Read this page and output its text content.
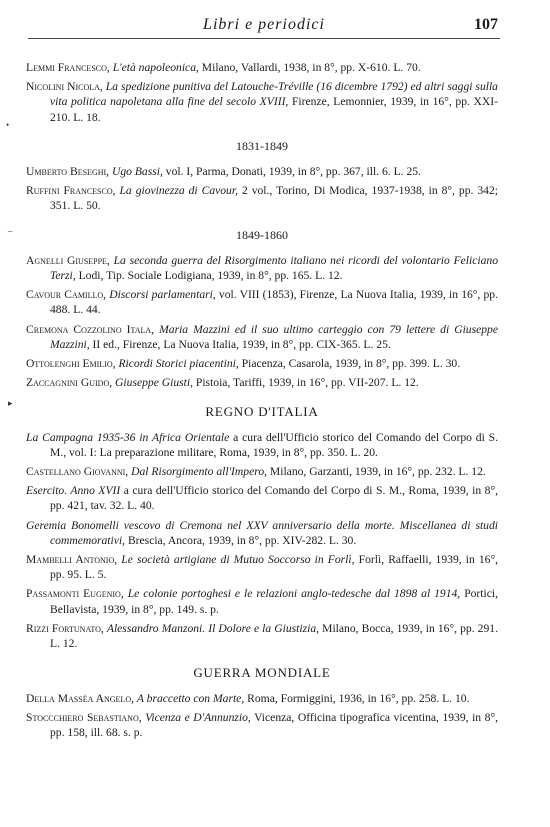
Libri e periodici	107
Lemmi Francesco, L'età napoleonica, Milano, Vallardi, 1938, in 8°, pp. X-610. L. 70.
Nicolini Nicola, La spedizione punitiva del Latouche-Tréville (16 dicembre 1792) ed altri saggi sulla vita politica napoletana alla fine del secolo XVIII, Firenze, Lemonnier, 1939, in 16°, pp. XXI-210. L. 18.
1831-1849
Umberto Beseghi, Ugo Bassi, vol. I, Parma, Donati, 1939, in 8°, pp. 367, ill. 6. L. 25.
Ruffini Francesco, La giovinezza di Cavour, 2 vol., Torino, Di Modica, 1937-1938, in 8°, pp. 342; 351. L. 50.
1849-1860
Agnelli Giuseppe, La seconda guerra del Risorgimento italiano nei ricordi del volontario Feliciano Terzi, Lodi, Tip. Sociale Lodigiana, 1939, in 8°, pp. 165. L. 12.
Cavour Camillo, Discorsi parlamentari, vol. VIII (1853), Firenze, La Nuova Italia, 1939, in 16°, pp. 488. L. 44.
Cremona Cozzolino Itala, Maria Mazzini ed il suo ultimo carteggio con 79 lettere di Giuseppe Mazzini, II ed., Firenze, La Nuova Italia, 1939, in 8°, pp. CIX-365. L. 25.
Ottolenghi Emilio, Ricordi Storici piacentini, Piacenza, Casarola, 1939, in 8°, pp. 399. L. 30.
Zaccagnini Guido, Giuseppe Giusti, Pistoia, Tariffi, 1939, in 16°, pp. VII-207. L. 12.
REGNO D'ITALIA
La Campagna 1935-36 in Africa Orientale a cura dell'Ufficio storico del Comando del Corpo di S. M., vol. I: La preparazione militare, Roma, 1939, in 8°, pp. 350. L. 20.
Castellano Giovanni, Dal Risorgimento all'Impero, Milano, Garzanti, 1939, in 16°, pp. 232. L. 12.
Esercito. Anno XVII a cura dell'Ufficio storico del Comando del Corpo di S. M., Roma, 1939, in 8°, pp. 421, tav. 32. L. 40.
Geremia Bonomelli vescovo di Cremona nel XXV anniversario della morte. Miscellanea di studi commemorativi, Brescia, Ancora, 1939, in 8°, pp. XIV-282. L. 30.
Mambelli Antonio, Le società artigiane di Mutuo Soccorso in Forlì, Forlì, Raffaelli, 1939, in 16°, pp. 95. L. 5.
Passamonti Eugenio, Le colonie portoghesi e le relazioni anglo-tedesche dal 1898 al 1914, Portici, Bellavista, 1939, in 8°, pp. 149. s. p.
Rizzi Fortunato, Alessandro Manzoni. Il Dolore e la Giustizia, Milano, Bocca, 1939, in 16°, pp. 291. L. 12.
GUERRA MONDIALE
Della Massèa Angelo, A braccetto con Marte, Roma, Formiggini, 1936, in 16°, pp. 258. L. 10.
Stoccchiero Sebastiano, Vicenza e D'Annunzio, Vicenza, Officina tipografica vicentina, 1939, in 8°, pp. 158, ill. 68. s. p.
•
–
▸
